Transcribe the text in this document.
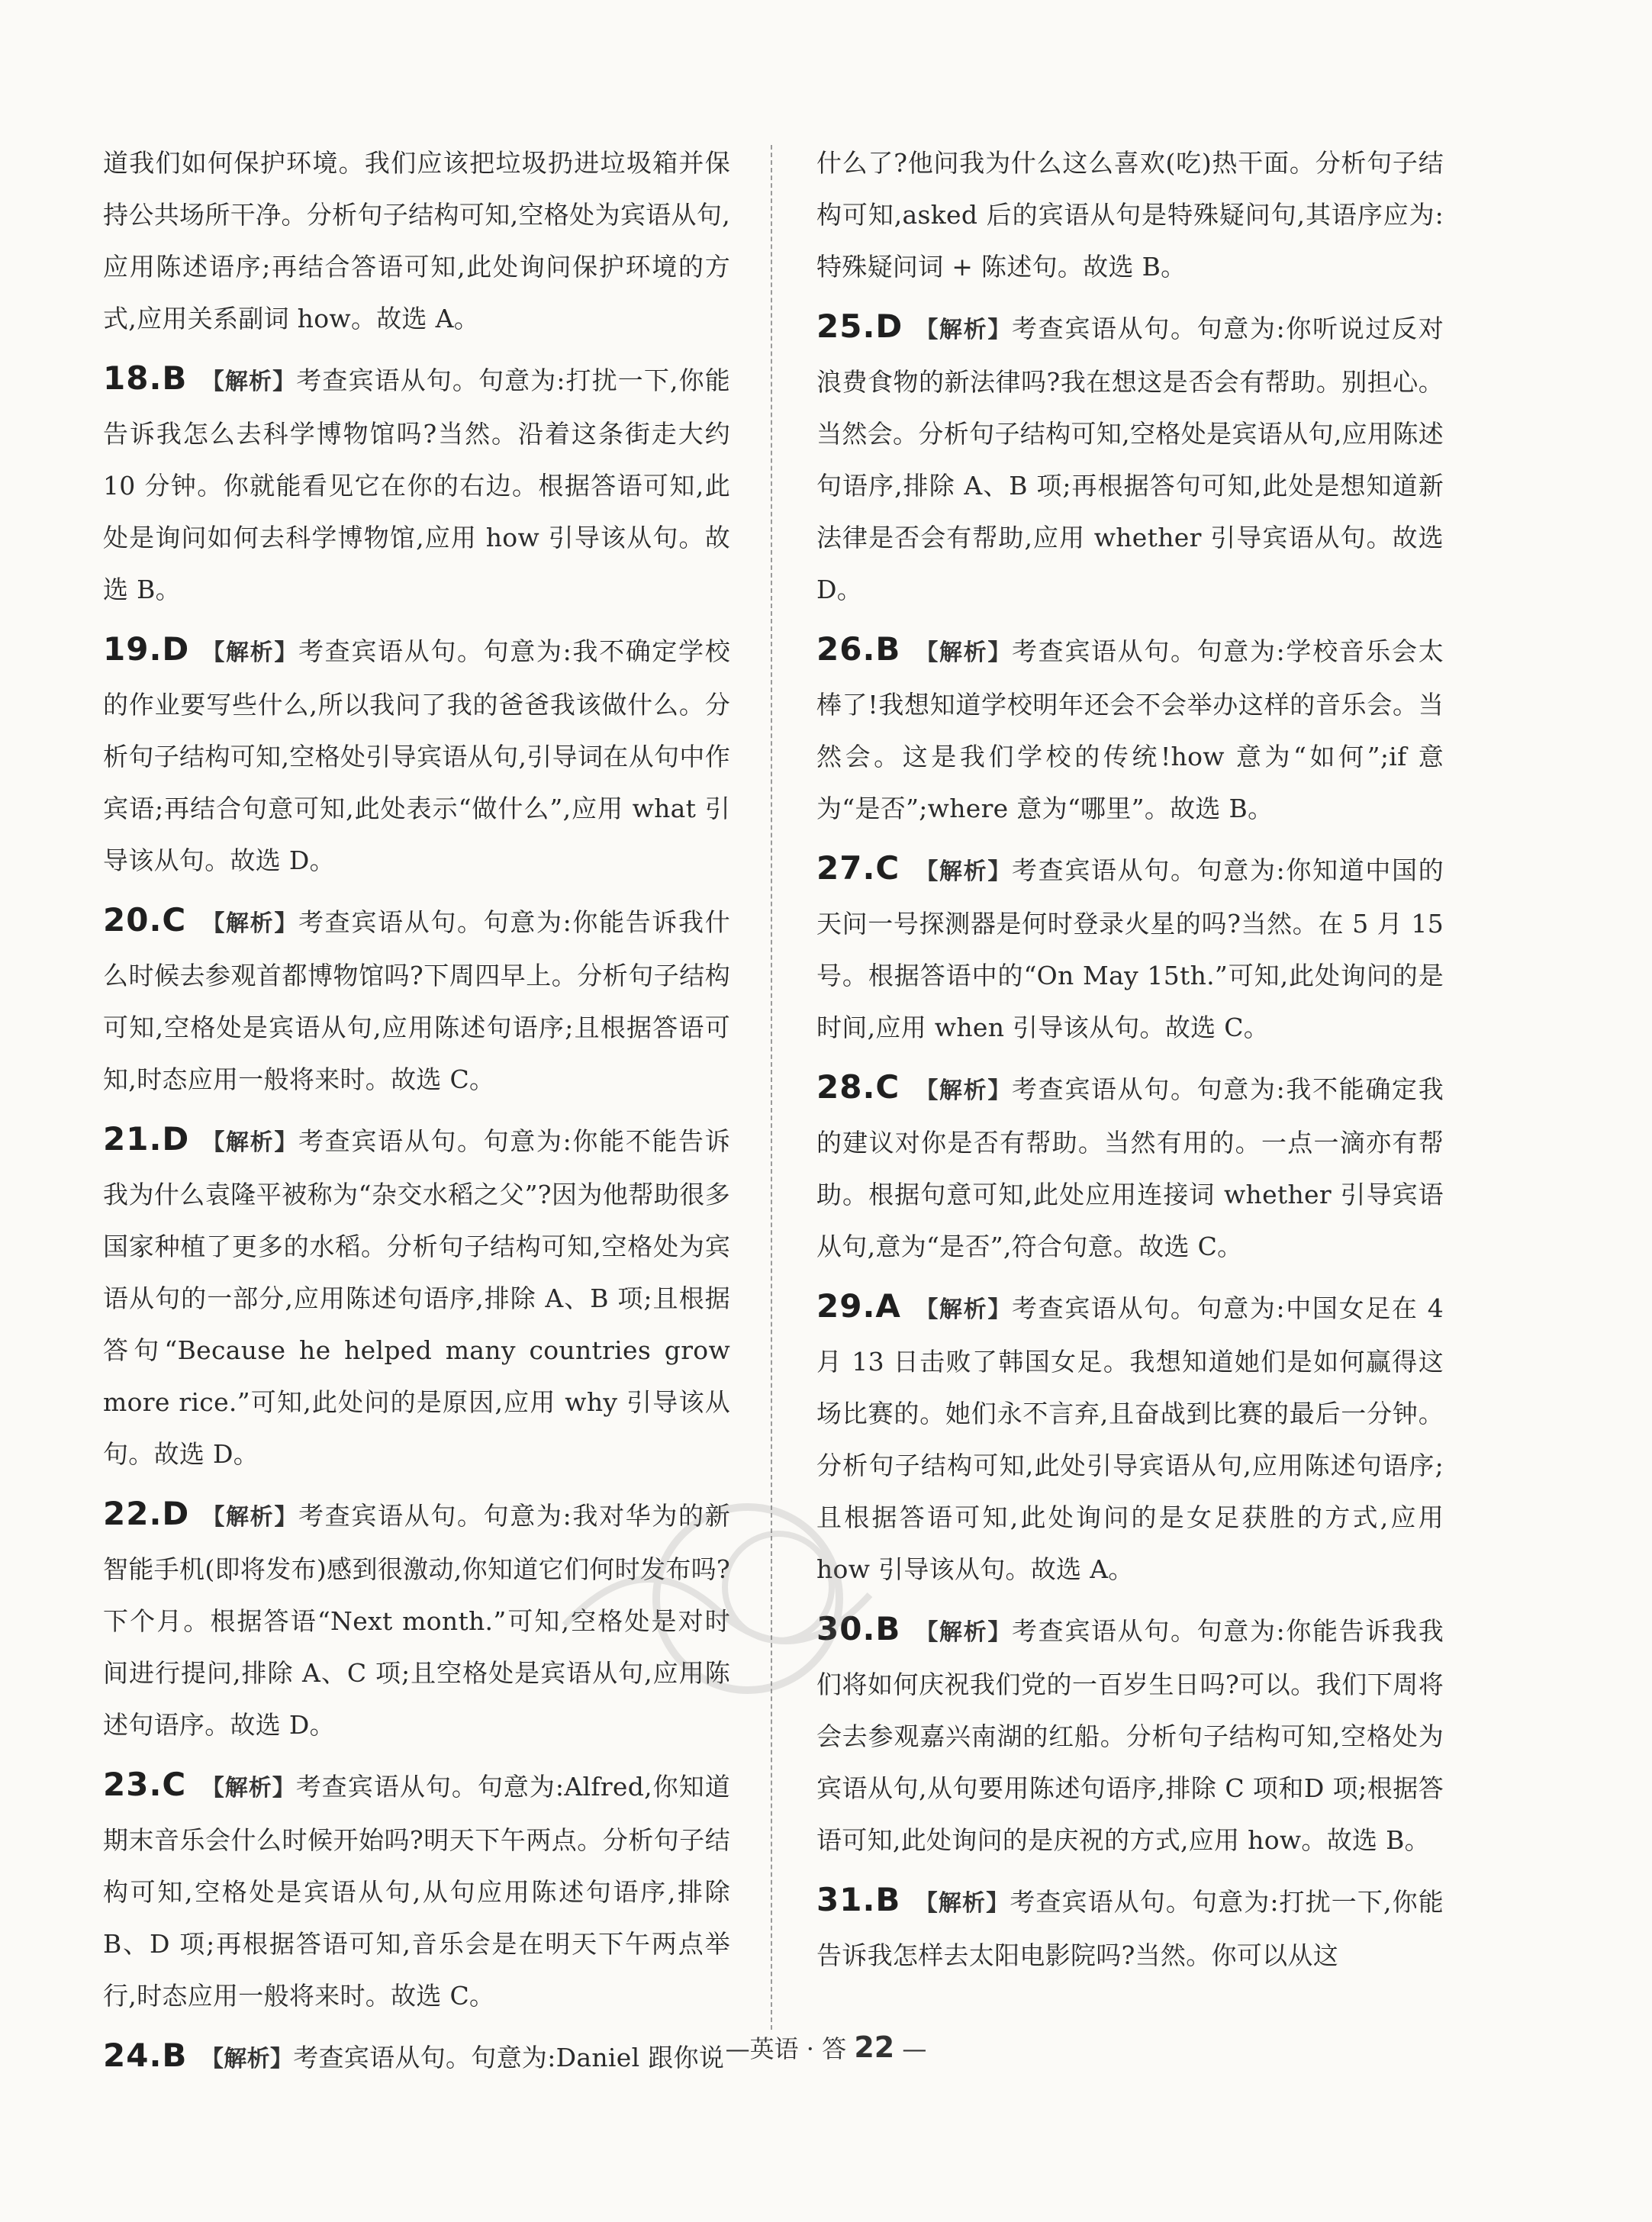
道我们如何保护环境。我们应该把垃圾扔进垃圾箱并保持公共场所干净。分析句子结构可知,空格处为宾语从句,应用陈述语序;再结合答语可知,此处询问保护环境的方式,应用关系副词 how。故选 A。

18.B 【解析】考查宾语从句。句意为:打扰一下,你能告诉我怎么去科学博物馆吗?当然。沿着这条街走大约 10 分钟。你就能看见它在你的右边。根据答语可知,此处是询问如何去科学博物馆,应用 how 引导该从句。故选 B。

19.D 【解析】考查宾语从句。句意为:我不确定学校的作业要写些什么,所以我问了我的爸爸我该做什么。分析句子结构可知,空格处引导宾语从句,引导词在从句中作宾语;再结合句意可知,此处表示“做什么”,应用 what 引导该从句。故选 D。

20.C 【解析】考查宾语从句。句意为:你能告诉我什么时候去参观首都博物馆吗?下周四早上。分析句子结构可知,空格处是宾语从句,应用陈述句语序;且根据答语可知,时态应用一般将来时。故选 C。

21.D 【解析】考查宾语从句。句意为:你能不能告诉我为什么袁隆平被称为“杂交水稻之父”?因为他帮助很多国家种植了更多的水稻。分析句子结构可知,空格处为宾语从句的一部分,应用陈述句语序,排除 A、B 项;且根据答句“Because he helped many countries grow more rice.”可知,此处问的是原因,应用 why 引导该从句。故选 D。

22.D 【解析】考查宾语从句。句意为:我对华为的新智能手机(即将发布)感到很激动,你知道它们何时发布吗?下个月。根据答语“Next month.”可知,空格处是对时间进行提问,排除 A、C 项;且空格处是宾语从句,应用陈述句语序。故选 D。

23.C 【解析】考查宾语从句。句意为:Alfred,你知道期末音乐会什么时候开始吗?明天下午两点。分析句子结构可知,空格处是宾语从句,从句应用陈述句语序,排除 B、D 项;再根据答语可知,音乐会是在明天下午两点举行,时态应用一般将来时。故选 C。

24.B 【解析】考查宾语从句。句意为:Daniel 跟你说

什么了?他问我为什么这么喜欢(吃)热干面。分析句子结构可知,asked 后的宾语从句是特殊疑问句,其语序应为:特殊疑问词 + 陈述句。故选 B。

25.D 【解析】考查宾语从句。句意为:你听说过反对浪费食物的新法律吗?我在想这是否会有帮助。别担心。当然会。分析句子结构可知,空格处是宾语从句,应用陈述句语序,排除 A、B 项;再根据答句可知,此处是想知道新法律是否会有帮助,应用 whether 引导宾语从句。故选 D。

26.B 【解析】考查宾语从句。句意为:学校音乐会太棒了!我想知道学校明年还会不会举办这样的音乐会。当然会。这是我们学校的传统!how 意为“如何”;if 意为“是否”;where 意为“哪里”。故选 B。

27.C 【解析】考查宾语从句。句意为:你知道中国的天问一号探测器是何时登录火星的吗?当然。在 5 月 15 号。根据答语中的“On May 15th.”可知,此处询问的是时间,应用 when 引导该从句。故选 C。

28.C 【解析】考查宾语从句。句意为:我不能确定我的建议对你是否有帮助。当然有用的。一点一滴亦有帮助。根据句意可知,此处应用连接词 whether 引导宾语从句,意为“是否”,符合句意。故选 C。

29.A 【解析】考查宾语从句。句意为:中国女足在 4 月 13 日击败了韩国女足。我想知道她们是如何赢得这场比赛的。她们永不言弃,且奋战到比赛的最后一分钟。分析句子结构可知,此处引导宾语从句,应用陈述句语序;且根据答语可知,此处询问的是女足获胜的方式,应用 how 引导该从句。故选 A。

30.B 【解析】考查宾语从句。句意为:你能告诉我我们将如何庆祝我们党的一百岁生日吗?可以。我们下周将会去参观嘉兴南湖的红船。分析句子结构可知,空格处为宾语从句,从句要用陈述句语序,排除 C 项和D 项;根据答语可知,此处询问的是庆祝的方式,应用 how。故选 B。

31.B 【解析】考查宾语从句。句意为:打扰一下,你能告诉我怎样去太阳电影院吗?当然。你可以从这

—英语 · 答 22 —
